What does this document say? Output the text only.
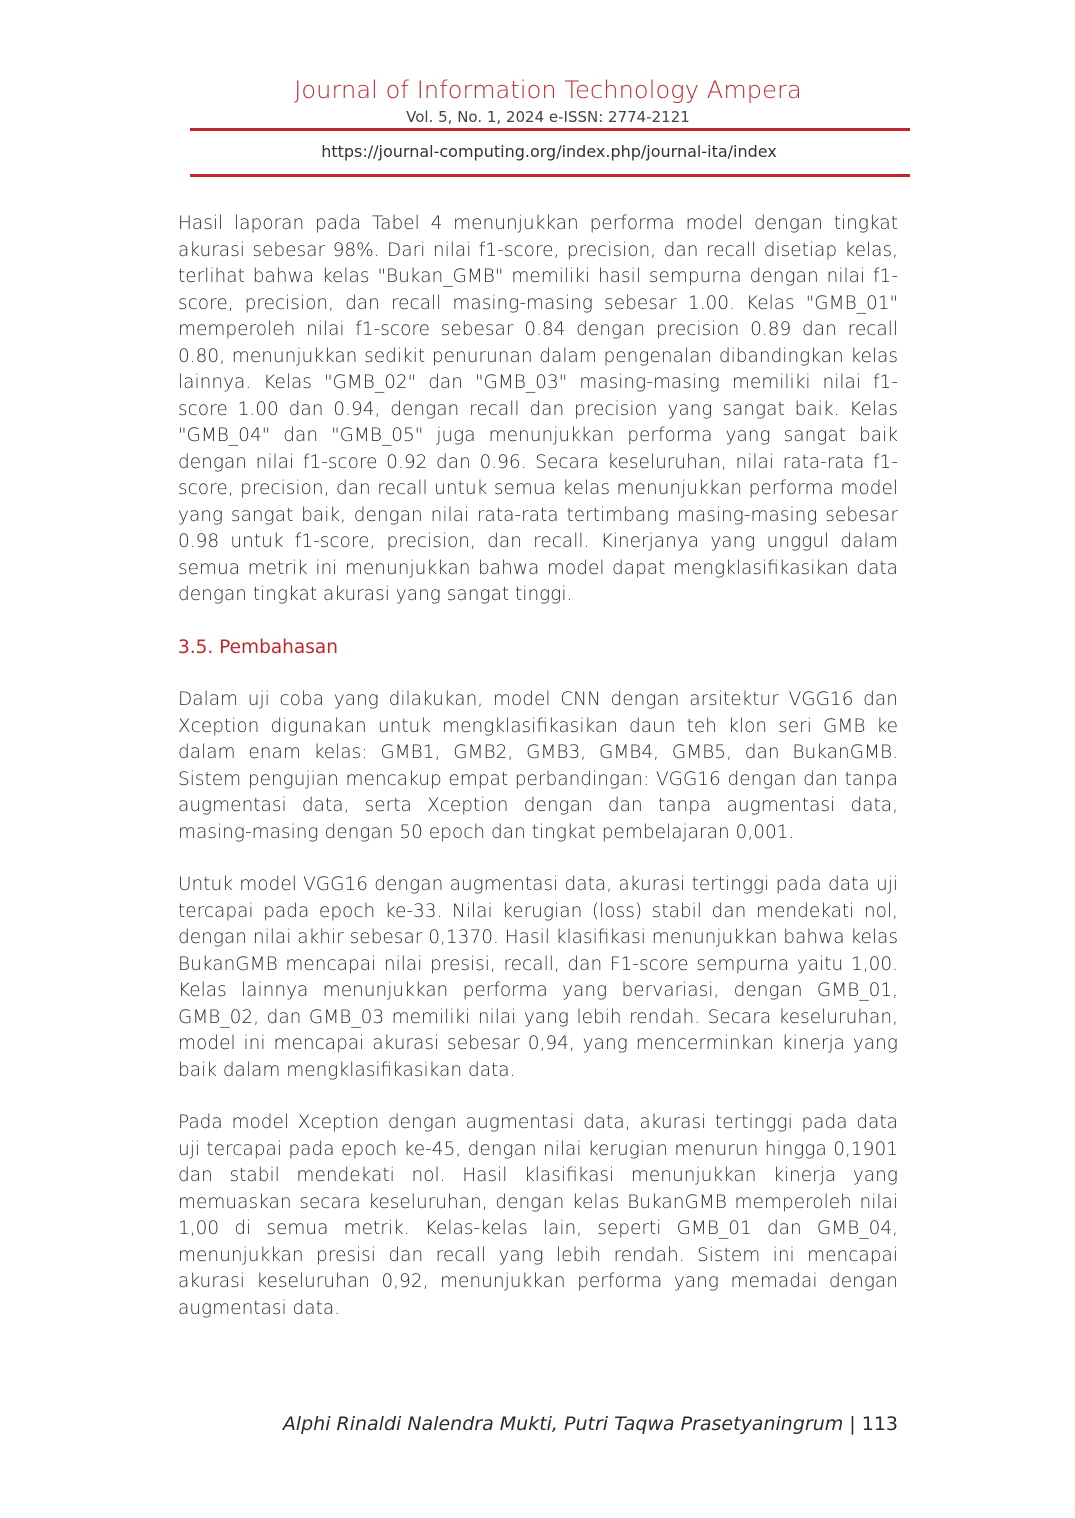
Journal of Information Technology Ampera
Vol. 5, No. 1, 2024 e-ISSN: 2774-2121
https://journal-computing.org/index.php/journal-ita/index

Hasil laporan pada Tabel 4 menunjukkan performa model dengan tingkat akurasi sebesar 98%. Dari nilai f1-score, precision, dan recall disetiap kelas, terlihat bahwa kelas "Bukan_GMB" memiliki hasil sempurna dengan nilai f1-score, precision, dan recall masing-masing sebesar 1.00. Kelas "GMB_01" memperoleh nilai f1-score sebesar 0.84 dengan precision 0.89 dan recall 0.80, menunjukkan sedikit penurunan dalam pengenalan dibandingkan kelas lainnya. Kelas "GMB_02" dan "GMB_03" masing-masing memiliki nilai f1-score 1.00 dan 0.94, dengan recall dan precision yang sangat baik. Kelas "GMB_04" dan "GMB_05" juga menunjukkan performa yang sangat baik dengan nilai f1-score 0.92 dan 0.96. Secara keseluruhan, nilai rata-rata f1-score, precision, dan recall untuk semua kelas menunjukkan performa model yang sangat baik, dengan nilai rata-rata tertimbang masing-masing sebesar 0.98 untuk f1-score, precision, dan recall. Kinerjanya yang unggul dalam semua metrik ini menunjukkan bahwa model dapat mengklasifikasikan data dengan tingkat akurasi yang sangat tinggi.

3.5. Pembahasan

Dalam uji coba yang dilakukan, model CNN dengan arsitektur VGG16 dan Xception digunakan untuk mengklasifikasikan daun teh klon seri GMB ke dalam enam kelas: GMB1, GMB2, GMB3, GMB4, GMB5, dan BukanGMB. Sistem pengujian mencakup empat perbandingan: VGG16 dengan dan tanpa augmentasi data, serta Xception dengan dan tanpa augmentasi data, masing-masing dengan 50 epoch dan tingkat pembelajaran 0,001.

Untuk model VGG16 dengan augmentasi data, akurasi tertinggi pada data uji tercapai pada epoch ke-33. Nilai kerugian (loss) stabil dan mendekati nol, dengan nilai akhir sebesar 0,1370. Hasil klasifikasi menunjukkan bahwa kelas BukanGMB mencapai nilai presisi, recall, dan F1-score sempurna yaitu 1,00. Kelas lainnya menunjukkan performa yang bervariasi, dengan GMB_01, GMB_02, dan GMB_03 memiliki nilai yang lebih rendah. Secara keseluruhan, model ini mencapai akurasi sebesar 0,94, yang mencerminkan kinerja yang baik dalam mengklasifikasikan data.

Pada model Xception dengan augmentasi data, akurasi tertinggi pada data uji tercapai pada epoch ke-45, dengan nilai kerugian menurun hingga 0,1901 dan stabil mendekati nol. Hasil klasifikasi menunjukkan kinerja yang memuaskan secara keseluruhan, dengan kelas BukanGMB memperoleh nilai 1,00 di semua metrik. Kelas-kelas lain, seperti GMB_01 dan GMB_04, menunjukkan presisi dan recall yang lebih rendah. Sistem ini mencapai akurasi keseluruhan 0,92, menunjukkan performa yang memadai dengan augmentasi data.

Alphi Rinaldi Nalendra Mukti, Putri Taqwa Prasetyaningrum | 113
